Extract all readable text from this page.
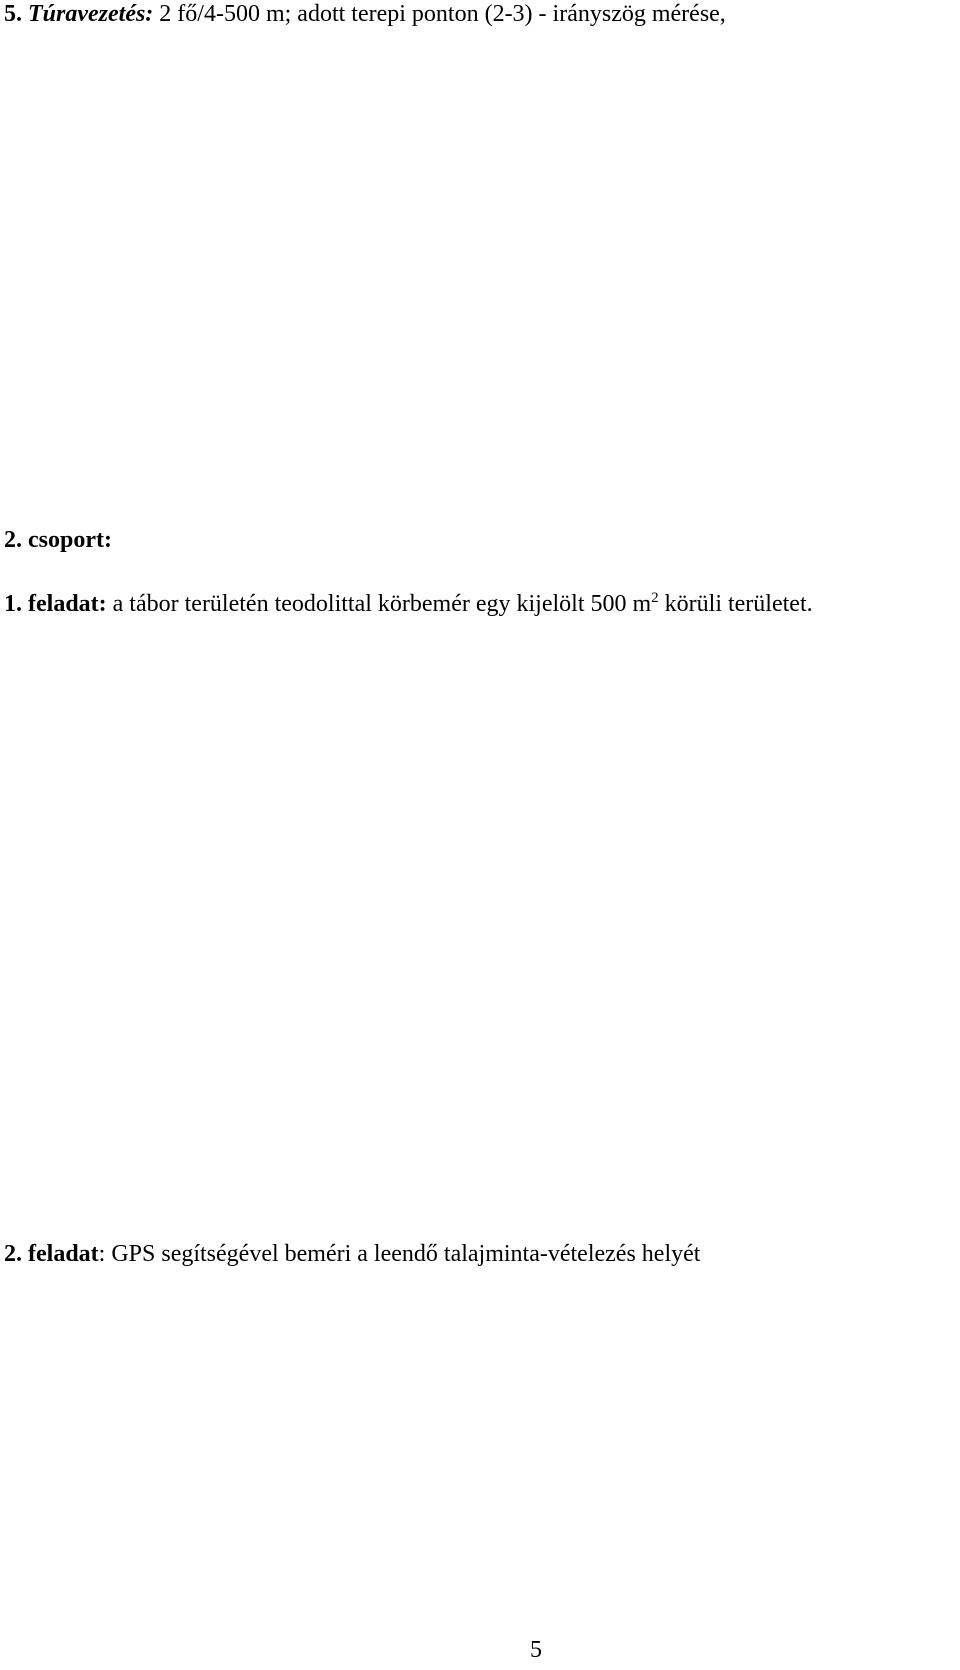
5. Túravezetés: 2 fő/4-500 m; adott terepi ponton (2-3) - irányszög mérése,
2. csoport:
1. feladat: a tábor területén teodolittal körbemér egy kijelölt 500 $m^2$ körüli területet.
2. feladat: GPS segítségével beméri a leendő talajminta-vételezés helyét
5
